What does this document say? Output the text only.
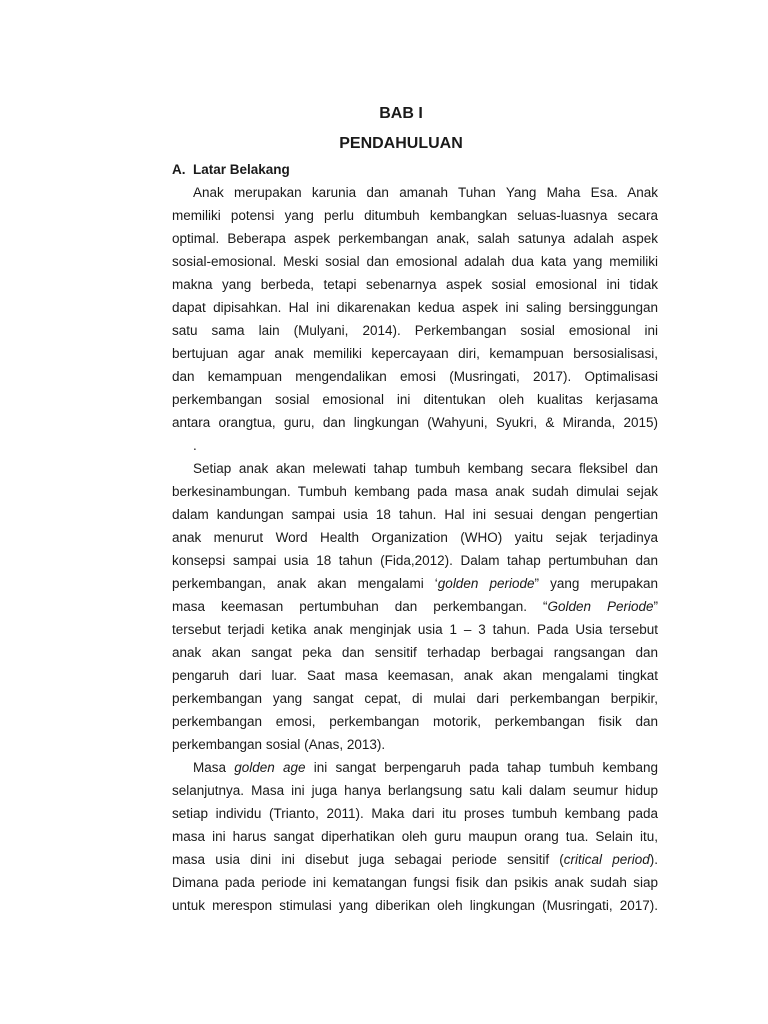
BAB I
PENDAHULUAN
A. Latar Belakang
Anak merupakan karunia dan amanah Tuhan Yang Maha Esa. Anak
memiliki potensi yang perlu ditumbuh kembangkan seluas-luasnya secara
optimal. Beberapa aspek perkembangan anak, salah satunya adalah aspek
sosial-emosional. Meski sosial dan emosional adalah dua kata yang memiliki
makna yang berbeda, tetapi sebenarnya aspek sosial emosional ini tidak
dapat dipisahkan. Hal ini dikarenakan kedua aspek ini saling bersinggungan
satu sama lain (Mulyani, 2014). Perkembangan sosial emosional ini
bertujuan agar anak memiliki kepercayaan diri, kemampuan bersosialisasi,
dan kemampuan mengendalikan emosi (Musringati, 2017). Optimalisasi
perkembangan sosial emosional ini ditentukan oleh kualitas kerjasama
antara orangtua, guru, dan lingkungan (Wahyuni, Syukri, & Miranda, 2015)
.
Setiap anak akan melewati tahap tumbuh kembang secara fleksibel dan
berkesinambungan. Tumbuh kembang pada masa anak sudah dimulai sejak
dalam kandungan sampai usia 18 tahun. Hal ini sesuai dengan pengertian
anak menurut Word Health Organization (WHO) yaitu sejak terjadinya
konsepsi sampai usia 18 tahun (Fida,2012). Dalam tahap pertumbuhan dan
perkembangan, anak akan mengalami ‘golden periode” yang merupakan
masa keemasan pertumbuhan dan perkembangan. “Golden Periode”
tersebut terjadi ketika anak menginjak usia 1 – 3 tahun. Pada Usia tersebut
anak akan sangat peka dan sensitif terhadap berbagai rangsangan dan
pengaruh dari luar. Saat masa keemasan, anak akan mengalami tingkat
perkembangan yang sangat cepat, di mulai dari perkembangan berpikir,
perkembangan emosi, perkembangan motorik, perkembangan fisik dan
perkembangan sosial (Anas, 2013).
Masa golden age ini sangat berpengaruh pada tahap tumbuh kembang
selanjutnya. Masa ini juga hanya berlangsung satu kali dalam seumur hidup
setiap individu (Trianto, 2011). Maka dari itu proses tumbuh kembang pada
masa ini harus sangat diperhatikan oleh guru maupun orang tua. Selain itu,
masa usia dini ini disebut juga sebagai periode sensitif (critical period).
Dimana pada periode ini kematangan fungsi fisik dan psikis anak sudah siap
untuk merespon stimulasi yang diberikan oleh lingkungan (Musringati, 2017).
